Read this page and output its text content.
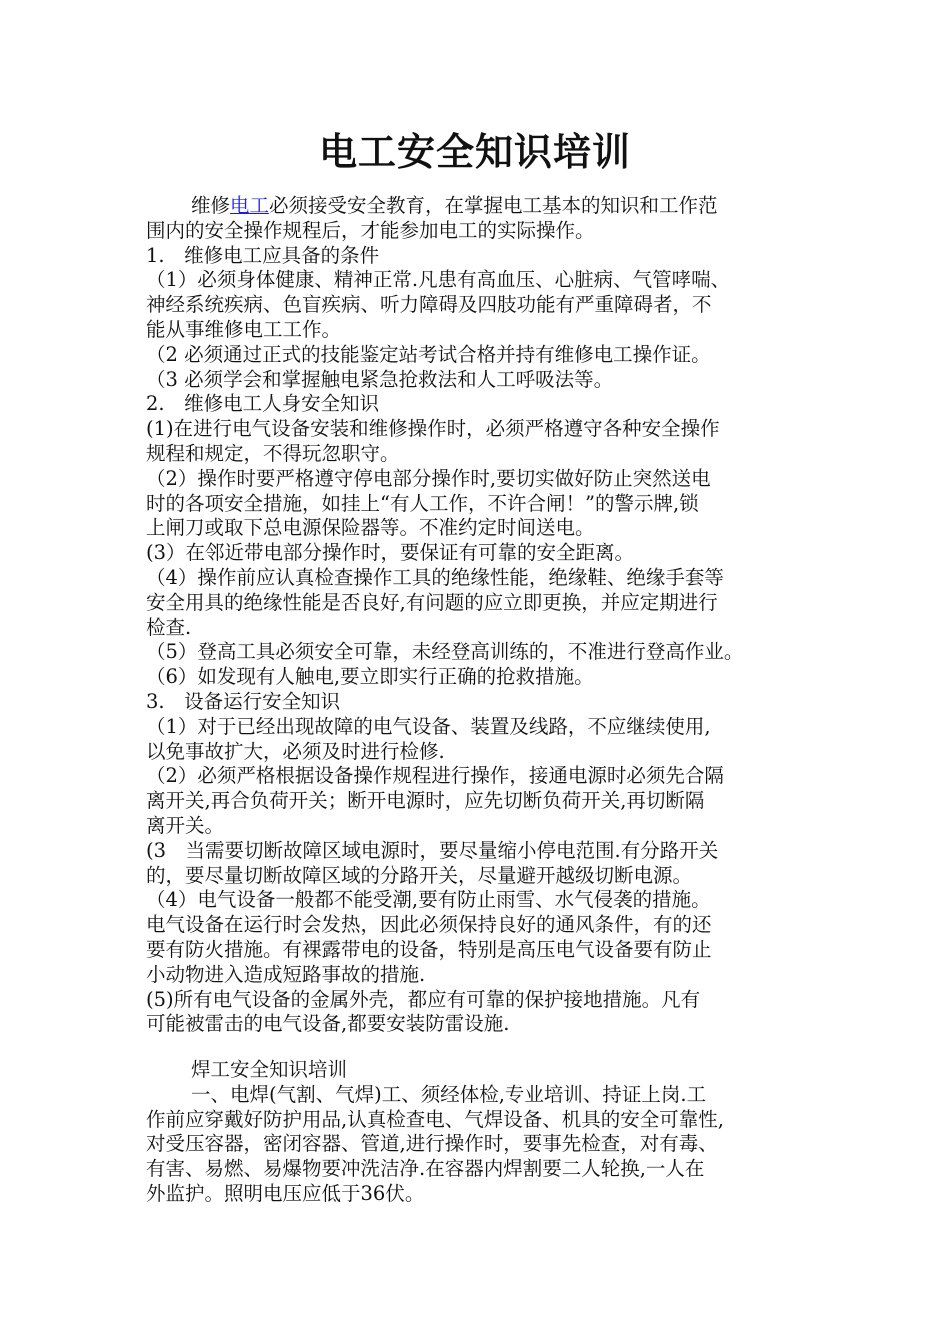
电工安全知识培训
维修电工必须接受安全教育，在掌握电工基本的知识和工作范
围内的安全操作规程后，才能参加电工的实际操作。
1.　维修电工应具备的条件
（1）必须身体健康、精神正常.凡患有高血压、心脏病、气管哮喘、
神经系统疾病、色盲疾病、听力障碍及四肢功能有严重障碍者，不
能从事维修电工工作。
（2 必须通过正式的技能鉴定站考试合格并持有维修电工操作证。
（3 必须学会和掌握触电紧急抢救法和人工呼吸法等。
2.　维修电工人身安全知识
(1)在进行电气设备安装和维修操作时，必须严格遵守各种安全操作
规程和规定，不得玩忽职守。
（2）操作时要严格遵守停电部分操作时,要切实做好防止突然送电
时的各项安全措施，如挂上“有人工作，不许合闸！”的警示牌,锁
上闸刀或取下总电源保险器等。不准约定时间送电。
(3）在邻近带电部分操作时，要保证有可靠的安全距离。
（4）操作前应认真检查操作工具的绝缘性能，绝缘鞋、绝缘手套等
安全用具的绝缘性能是否良好,有问题的应立即更换，并应定期进行
检查.
（5）登高工具必须安全可靠，未经登高训练的，不准进行登高作业。
（6）如发现有人触电,要立即实行正确的抢救措施。
3.　设备运行安全知识
（1）对于已经出现故障的电气设备、装置及线路，不应继续使用,
以免事故扩大，必须及时进行检修.
（2）必须严格根据设备操作规程进行操作，接通电源时必须先合隔
离开关,再合负荷开关；断开电源时，应先切断负荷开关,再切断隔
离开关。
(3　当需要切断故障区域电源时，要尽量缩小停电范围.有分路开关
的，要尽量切断故障区域的分路开关，尽量避开越级切断电源。
（4）电气设备一般都不能受潮,要有防止雨雪、水气侵袭的措施。
电气设备在运行时会发热，因此必须保持良好的通风条件，有的还
要有防火措施。有裸露带电的设备，特别是高压电气设备要有防止
小动物进入造成短路事故的措施.
(5)所有电气设备的金属外壳，都应有可靠的保护接地措施。凡有
可能被雷击的电气设备,都要安装防雷设施.
焊工安全知识培训
一、电焊(气割、气焊)工、须经体检,专业培训、持证上岗.工
作前应穿戴好防护用品,认真检查电、气焊设备、机具的安全可靠性,
对受压容器，密闭容器、管道,进行操作时，要事先检查，对有毒、
有害、易燃、易爆物要冲洗洁净.在容器内焊割要二人轮换,一人在
外监护。照明电压应低于36伏。
